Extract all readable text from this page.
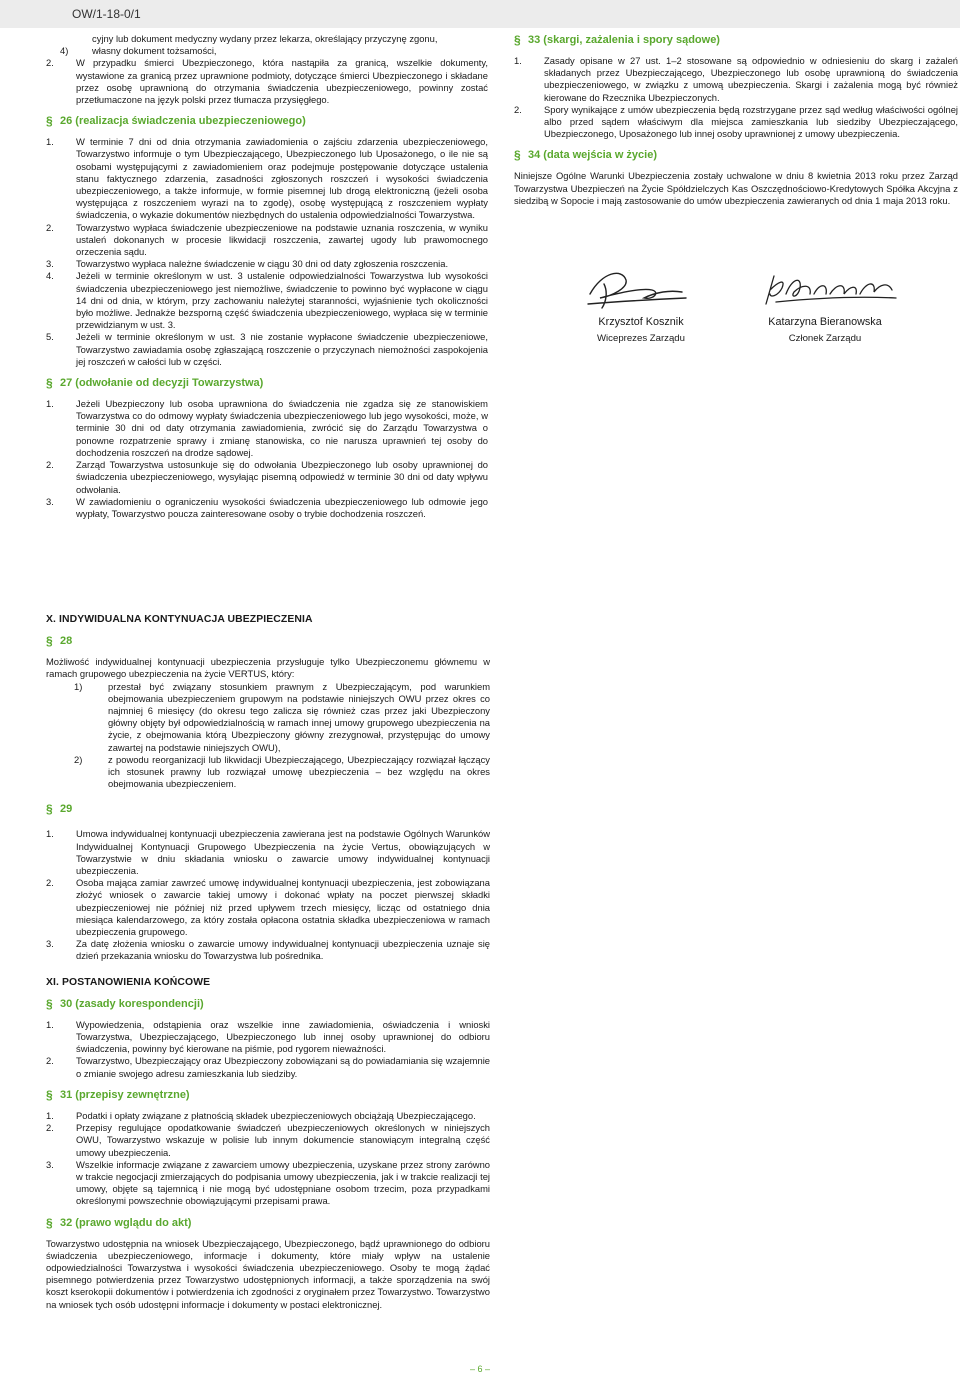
OW/1-18-0/1
cyjny lub dokument medyczny wydany przez lekarza, określający przyczynę zgonu,
4)	własny dokument tożsamości,
2.	W przypadku śmierci Ubezpieczonego, która nastąpiła za granicą, wszelkie dokumenty, wystawione za granicą przez uprawnione podmioty, dotyczące śmierci Ubezpieczonego i składane przez osobę uprawnioną do otrzymania świadczenia ubezpieczeniowego, powinny zostać przetłumaczone na język polski przez tłumacza przysięgłego.
§ 26 (realizacja świadczenia ubezpieczeniowego)
1.	W terminie 7 dni od dnia otrzymania zawiadomienia o zajściu zdarzenia ubezpieczeniowego, Towarzystwo informuje o tym Ubezpieczającego, Ubezpieczonego lub Uposażonego, o ile nie są osobami występującymi z zawiadomieniem oraz podejmuje postępowanie dotyczące ustalenia stanu faktycznego zdarzenia, zasadności zgłoszonych roszczeń i wysokości świadczenia ubezpieczeniowego, a także informuje, w formie pisemnej lub drogą elektroniczną (jeżeli osoba występująca z roszczeniem wyrazi na to zgodę), osobę występującą z roszczeniem wypłaty świadczenia, o wykazie dokumentów niezbędnych do ustalenia odpowiedzialności Towarzystwa.
2.	Towarzystwo wypłaca świadczenie ubezpieczeniowe na podstawie uznania roszczenia, w wyniku ustaleń dokonanych w procesie likwidacji roszczenia, zawartej ugody lub prawomocnego orzeczenia sądu.
3.	Towarzystwo wypłaca należne świadczenie w ciągu 30 dni od daty zgłoszenia roszczenia.
4.	Jeżeli w terminie określonym w ust. 3 ustalenie odpowiedzialności Towarzystwa lub wysokości świadczenia ubezpieczeniowego jest niemożliwe, świadczenie to powinno być wypłacone w ciągu 14 dni od dnia, w którym, przy zachowaniu należytej staranności, wyjaśnienie tych okoliczności było możliwe. Jednakże bezsporną część świadczenia ubezpieczeniowego, wypłaca się w terminie przewidzianym w ust. 3.
5.	Jeżeli w terminie określonym w ust. 3 nie zostanie wypłacone świadczenie ubezpieczeniowe, Towarzystwo zawiadamia osobę zgłaszającą roszczenie o przyczynach niemożności zaspokojenia jej roszczeń w całości lub w części.
§ 27 (odwołanie od decyzji Towarzystwa)
1.	Jeżeli Ubezpieczony lub osoba uprawniona do świadczenia nie zgadza się ze stanowiskiem Towarzystwa co do odmowy wypłaty świadczenia ubezpieczeniowego lub jego wysokości, może, w terminie 30 dni od daty otrzymania zawiadomienia, zwrócić się do Zarządu Towarzystwa o ponowne rozpatrzenie sprawy i zmianę stanowiska, co nie narusza uprawnień tej osoby do dochodzenia roszczeń na drodze sądowej.
2.	Zarząd Towarzystwa ustosunkuje się do odwołania Ubezpieczonego lub osoby uprawnionej do świadczenia ubezpieczeniowego, wysyłając pisemną odpowiedź w terminie 30 dni od daty wpływu odwołania.
3.	W zawiadomieniu o ograniczeniu wysokości świadczenia ubezpieczeniowego lub odmowie jego wypłaty, Towarzystwo poucza zainteresowane osoby o trybie dochodzenia roszczeń.
X. INDYWIDUALNA KONTYNUACJA UBEZPIECZENIA
§ 28

Możliwość indywidualnej kontynuacji ubezpieczenia przysługuje tylko Ubezpieczonemu głównemu w ramach grupowego ubezpieczenia na życie VERTUS, który:

1)	przestał być związany stosunkiem prawnym z Ubezpieczającym, pod warunkiem obejmowania ubezpieczeniem grupowym na podstawie niniejszych OWU przez okres co najmniej 6 miesięcy (do okresu tego zalicza się również czas przez jaki Ubezpieczony główny objęty był odpowiedzialnością w ramach innej umowy grupowego ubezpieczenia na życie, z obejmowania którą Ubezpieczony główny zrezygnował, przystępując do umowy zawartej na podstawie niniejszych OWU),
2)	z powodu reorganizacji lub likwidacji Ubezpieczającego, Ubezpieczający rozwiązał łączący ich stosunek prawny lub rozwiązał umowę ubezpieczenia – bez względu na okres obejmowania ubezpieczeniem.
§ 29
1.	Umowa indywidualnej kontynuacji ubezpieczenia zawierana jest na podstawie Ogólnych Warunków Indywidualnej Kontynuacji Grupowego Ubezpieczenia na życie Vertus, obowiązujących w Towarzystwie w dniu składania wniosku o zawarcie umowy indywidualnej kontynuacji ubezpieczenia.
2.	Osoba mająca zamiar zawrzeć umowę indywidualnej kontynuacji ubezpieczenia, jest zobowiązana złożyć wniosek o zawarcie takiej umowy i dokonać wpłaty na poczet pierwszej składki ubezpieczeniowej nie później niż przed upływem trzech miesięcy, licząc od ostatniego dnia miesiąca kalendarzowego, za który została opłacona ostatnia składka ubezpieczeniowa w ramach ubezpieczenia grupowego.
3.	Za datę złożenia wniosku o zawarcie umowy indywidualnej kontynuacji ubezpieczenia uznaje się dzień przekazania wniosku do Towarzystwa lub pośrednika.
XI. POSTANOWIENIA KOŃCOWE
§ 30 (zasady korespondencji)
1.	Wypowiedzenia, odstąpienia oraz wszelkie inne zawiadomienia, oświadczenia i wnioski Towarzystwa, Ubezpieczającego, Ubezpieczonego lub innej osoby uprawnionej do odbioru świadczenia, powinny być kierowane na piśmie, pod rygorem nieważności.
2.	Towarzystwo, Ubezpieczający oraz Ubezpieczony zobowiązani są do powiadamiania się wzajemnie o zmianie swojego adresu zamieszkania lub siedziby.
§ 31 (przepisy zewnętrzne)
1.	Podatki i opłaty związane z płatnością składek ubezpieczeniowych obciążają Ubezpieczającego.
2.	Przepisy regulujące opodatkowanie świadczeń ubezpieczeniowych określonych w niniejszych OWU, Towarzystwo wskazuje w polisie lub innym dokumencie stanowiącym integralną część umowy ubezpieczenia.
3.	Wszelkie informacje związane z zawarciem umowy ubezpieczenia, uzyskane przez strony zarówno w trakcie negocjacji zmierzających do podpisania umowy ubezpieczenia, jak i w trakcie realizacji tej umowy, objęte są tajemnicą i nie mogą być udostępniane osobom trzecim, poza przypadkami określonymi powszechnie obowiązującymi przepisami prawa.
§ 32 (prawo wglądu do akt)

Towarzystwo udostępnia na wniosek Ubezpieczającego, Ubezpieczonego, bądź uprawnionego do odbioru świadczenia ubezpieczeniowego, informacje i dokumenty, które miały wpływ na ustalenie odpowiedzialności Towarzystwa i wysokości świadczenia ubezpieczeniowego. Osoby te mogą żądać pisemnego potwierdzenia przez Towarzystwo udostępnionych informacji, a także sporządzenia na swój koszt kserokopii dokumentów i potwierdzenia ich zgodności z oryginałem przez Towarzystwo. Towarzystwo na wniosek tych osób udostępni informacje i dokumenty w postaci elektronicznej.

§ 33 (skargi, zażalenia i spory sądowe)
1.	Zasady opisane w 27 ust. 1–2 stosowane są odpowiednio w odniesieniu do skarg i zażaleń składanych przez Ubezpieczającego, Ubezpieczonego lub osobę uprawnioną do świadczenia ubezpieczeniowego, w związku z umową ubezpieczenia. Skargi i zażalenia mogą być również kierowane do Rzecznika Ubezpieczonych.
2.	Spory wynikające z umów ubezpieczenia będą rozstrzygane przez sąd według właściwości ogólnej albo przed sądem właściwym dla miejsca zamieszkania lub siedziby Ubezpieczającego, Ubezpieczonego, Uposażonego lub innej osoby uprawnionej z umowy ubezpieczenia.
§ 34 (data wejścia w życie)

Niniejsze Ogólne Warunki Ubezpieczenia zostały uchwalone w dniu 8 kwietnia 2013 roku przez Zarząd Towarzystwa Ubezpieczeń na Życie Spółdzielczych Kas Oszczędnościowo-Kredytowych Spółka Akcyjna z siedzibą w Sopocie i mają zastosowanie do umów ubezpieczenia zawieranych od dnia 1 maja 2013 roku.

Krzysztof Kosznik
Wiceprezes Zarządu
Katarzyna Bieranowska
Członek Zarządu
– 6 –
